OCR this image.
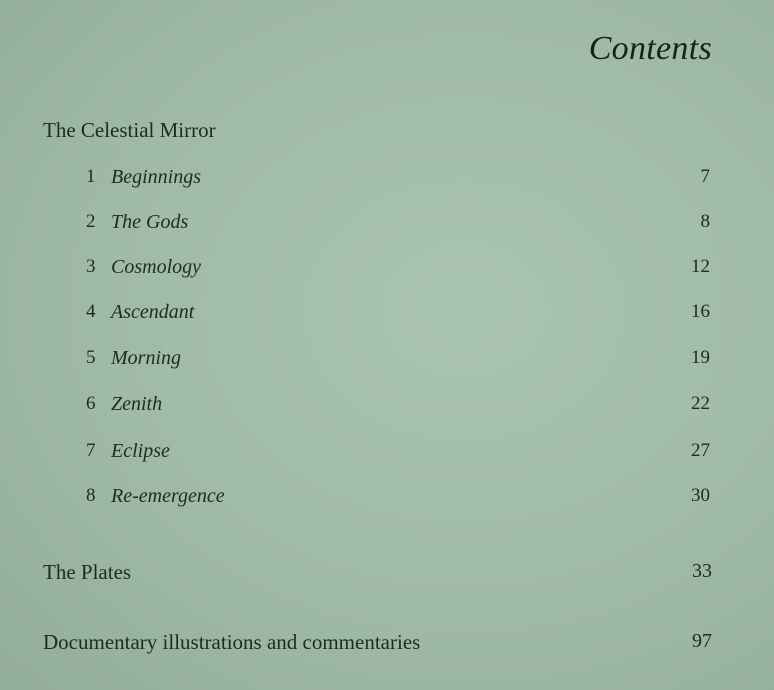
Contents
The Celestial Mirror
1 Beginnings	7
2 The Gods	8
3 Cosmology	12
4 Ascendant	16
5 Morning	19
6 Zenith	22
7 Eclipse	27
8 Re-emergence	30
The Plates	33
Documentary illustrations and commentaries	97
